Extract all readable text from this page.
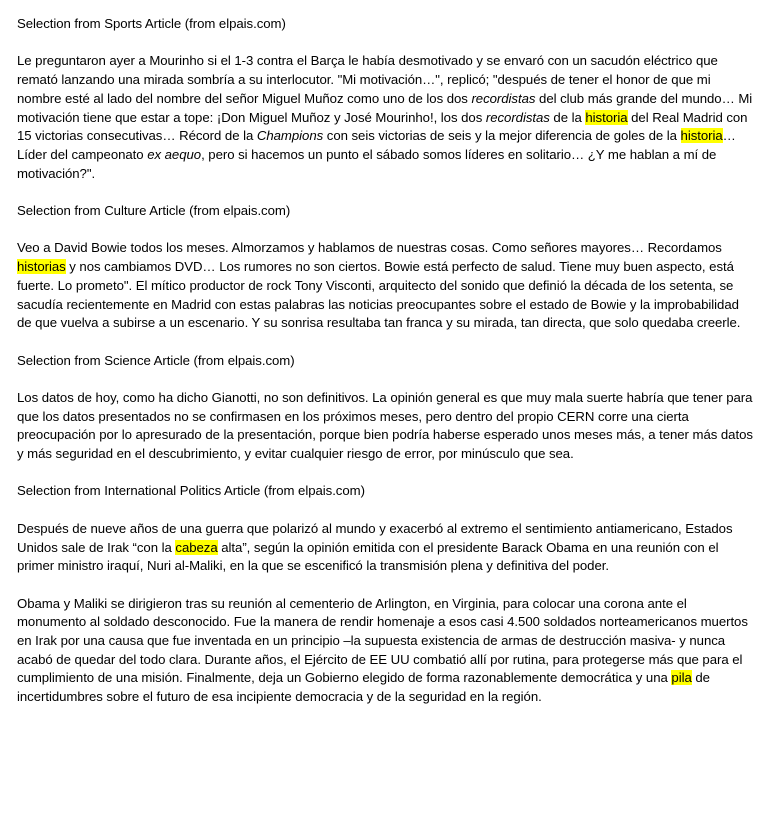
Selection from Sports Article (from elpais.com)

Le preguntaron ayer a Mourinho si el 1-3 contra el Barça le había desmotivado y se envaró con un sacudón eléctrico que remató lanzando una mirada sombría a su interlocutor. "Mi motivación…", replicó; "después de tener el honor de que mi nombre esté al lado del nombre del señor Miguel Muñoz como uno de los dos recordistas del club más grande del mundo… Mi motivación tiene que estar a tope: ¡Don Miguel Muñoz y José Mourinho!, los dos recordistas de la historia del Real Madrid con 15 victorias consecutivas… Récord de la Champions con seis victorias de seis y la mejor diferencia de goles de la historia… Líder del campeonato ex aequo, pero si hacemos un punto el sábado somos líderes en solitario… ¿Y me hablan a mí de motivación?".

Selection from Culture Article (from elpais.com)

Veo a David Bowie todos los meses. Almorzamos y hablamos de nuestras cosas. Como señores mayores… Recordamos historias y nos cambiamos DVD… Los rumores no son ciertos. Bowie está perfecto de salud. Tiene muy buen aspecto, está fuerte. Lo prometo". El mítico productor de rock Tony Visconti, arquitecto del sonido que definió la década de los setenta, se sacudía recientemente en Madrid con estas palabras las noticias preocupantes sobre el estado de Bowie y la improbabilidad de que vuelva a subirse a un escenario. Y su sonrisa resultaba tan franca y su mirada, tan directa, que solo quedaba creerle.

Selection from Science Article (from elpais.com)

Los datos de hoy, como ha dicho Gianotti, no son definitivos. La opinión general es que muy mala suerte habría que tener para que los datos presentados no se confirmasen en los próximos meses, pero dentro del propio CERN corre una cierta preocupación por lo apresurado de la presentación, porque bien podría haberse esperado unos meses más, a tener más datos y más seguridad en el descubrimiento, y evitar cualquier riesgo de error, por minúsculo que sea.

Selection from International Politics Article (from elpais.com)

Después de nueve años de una guerra que polarizó al mundo y exacerbó al extremo el sentimiento antiamericano, Estados Unidos sale de Irak “con la cabeza alta”, según la opinión emitida con el presidente Barack Obama en una reunión con el primer ministro iraquí, Nuri al-Maliki, en la que se escenificó la transmisión plena y definitiva del poder.

Obama y Maliki se dirigieron tras su reunión al cementerio de Arlington, en Virginia, para colocar una corona ante el monumento al soldado desconocido. Fue la manera de rendir homenaje a esos casi 4.500 soldados norteamericanos muertos en Irak por una causa que fue inventada en un principio –la supuesta existencia de armas de destrucción masiva- y nunca acabó de quedar del todo clara. Durante años, el Ejército de EE UU combatió allí por rutina, para protegerse más que para el cumplimiento de una misión. Finalmente, deja un Gobierno elegido de forma razonablemente democrática y una pila de incertidumbres sobre el futuro de esa incipiente democracia y de la seguridad en la región.
